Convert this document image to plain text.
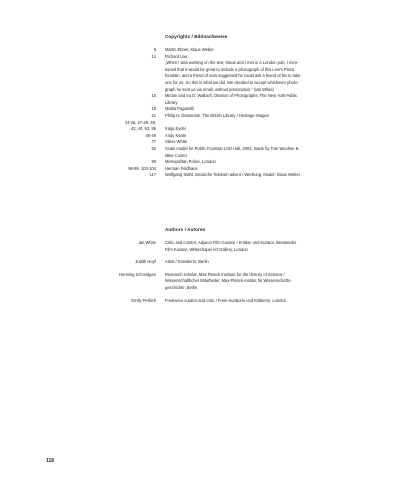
Copyrights / Bildnachweise
6 Martin Ebner, Klaus Weber
14 Richard Lau
„When I was working on the text, Klaus and I met in a London pub. I men-
tioned that it would be great to include a photograph of this Levi's Plaza
fountain, and a friend of ours suggested he could ask a friend of his to take
one for us. So this is what we did. We decided to accept whichever photo-
graph he sent us via email, without prescription.“ (Ian White)
15 Miriam and Ira D. Wallach, Division of Photographs, The New York Public
Library
18 Mattia Paganelli
21 Philip H. Delamotte, The British Library / Heritage Images
24-25, 27-29, 39,
42, 44, 63, 86
Katja Eydel
46-49 Andy Keate
77 Steve White
82 Scale model for Public Fountain LSD Hall, 2002, made by Tom Woolner &
Mike Cooter
90 Metropolitan Police, London
98-99, 103-104 Herman Feldhaus
117 Wolfgang Stahl, Deutsche Telekom advert / Werbung, Model: Klaus Weber
Authors / Autoren
Ian White Critic and curator, Adjunct Film Curator / Kritiker und Kurator, Beratender
Film Kurator, Whitechapel Art Gallery, London
Judith Hopf Artist / Künstlerin, Berlin
Henning Schmidgen Research scholar, Max Planck Institute for the History of Science /
Wissenschaftlicher Mitarbeiter, Max-Planck-Institut für Wissenschafts-
geschichte, Berlin
Emily Pethick Freelance curator and critic / Freie Kuratorin und Kritikerin, London
118
